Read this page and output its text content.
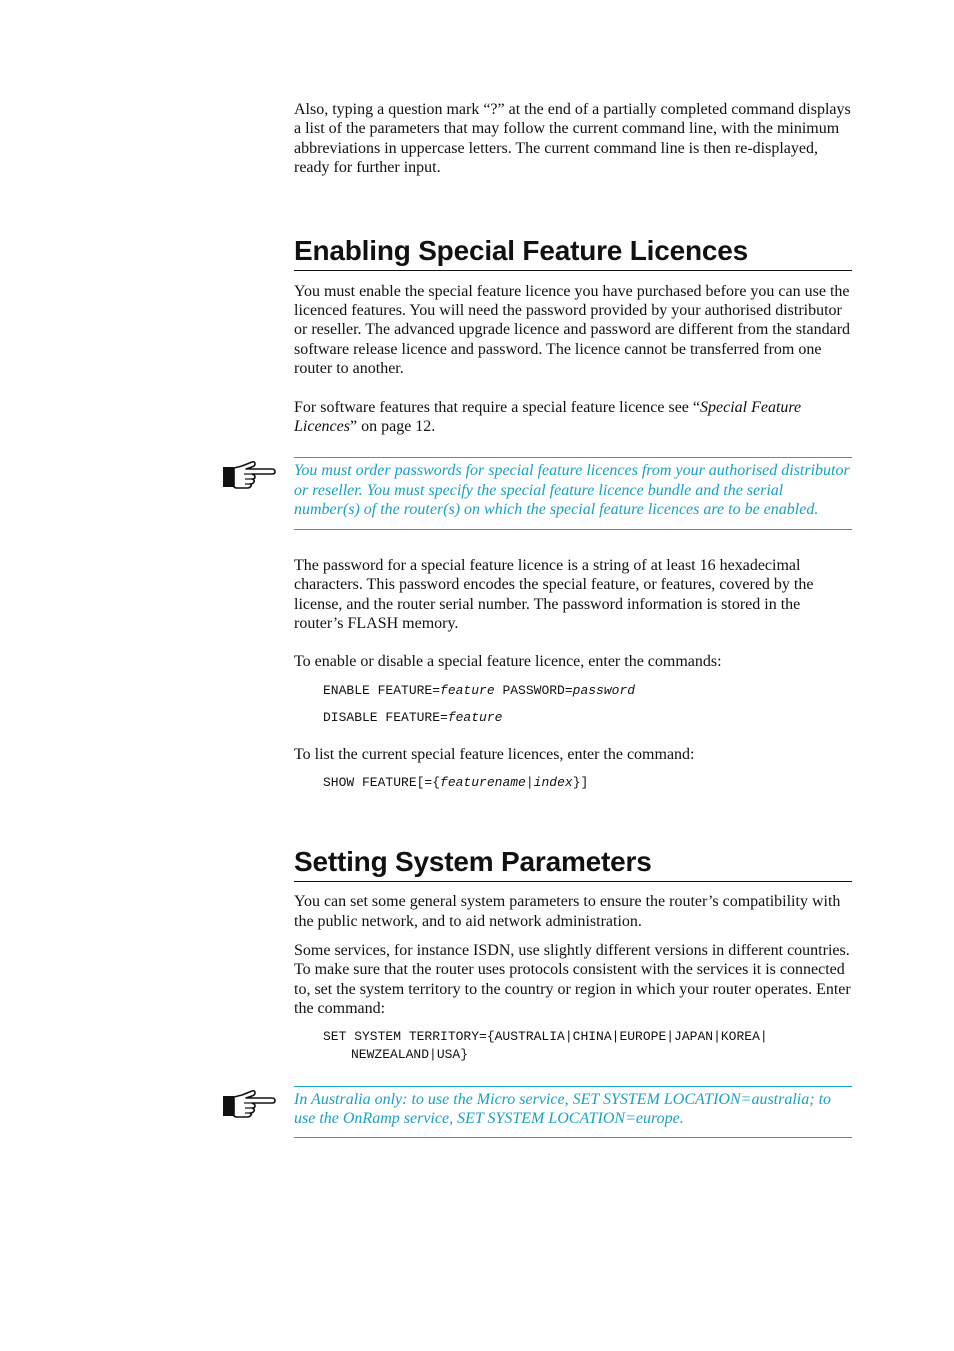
Also, typing a question mark “?” at the end of a partially completed command displays a list of the parameters that may follow the current command line, with the minimum abbreviations in uppercase letters. The current command line is then re-displayed, ready for further input.

Enabling Special Feature Licences

You must enable the special feature licence you have purchased before you can use the licenced features. You will need the password provided by your authorised distributor or reseller. The advanced upgrade licence and password are different from the standard software release licence and password. The licence cannot be transferred from one router to another.

For software features that require a special feature licence see “Special Feature Licences” on page 12.

You must order passwords for special feature licences from your authorised distributor or reseller. You must specify the special feature licence bundle and the serial number(s) of the router(s) on which the special feature licences are to be enabled.

The password for a special feature licence is a string of at least 16 hexadecimal characters. This password encodes the special feature, or features, covered by the license, and the router serial number. The password information is stored in the router’s FLASH memory.

To enable or disable a special feature licence, enter the commands:

ENABLE FEATURE=feature PASSWORD=password

DISABLE FEATURE=feature

To list the current special feature licences, enter the command:

SHOW FEATURE[={featurename|index}]

Setting System Parameters

You can set some general system parameters to ensure the router’s compatibility with the public network, and to aid network administration.

Some services, for instance ISDN, use slightly different versions in different countries. To make sure that the router uses protocols consistent with the services it is connected to, set the system territory to the country or region in which your router operates. Enter the command:

SET SYSTEM TERRITORY={AUSTRALIA|CHINA|EUROPE|JAPAN|KOREA|
NEWZEALAND|USA}

In Australia only: to use the Micro service, SET SYSTEM LOCATION=australia; to use the OnRamp service, SET SYSTEM LOCATION=europe.
